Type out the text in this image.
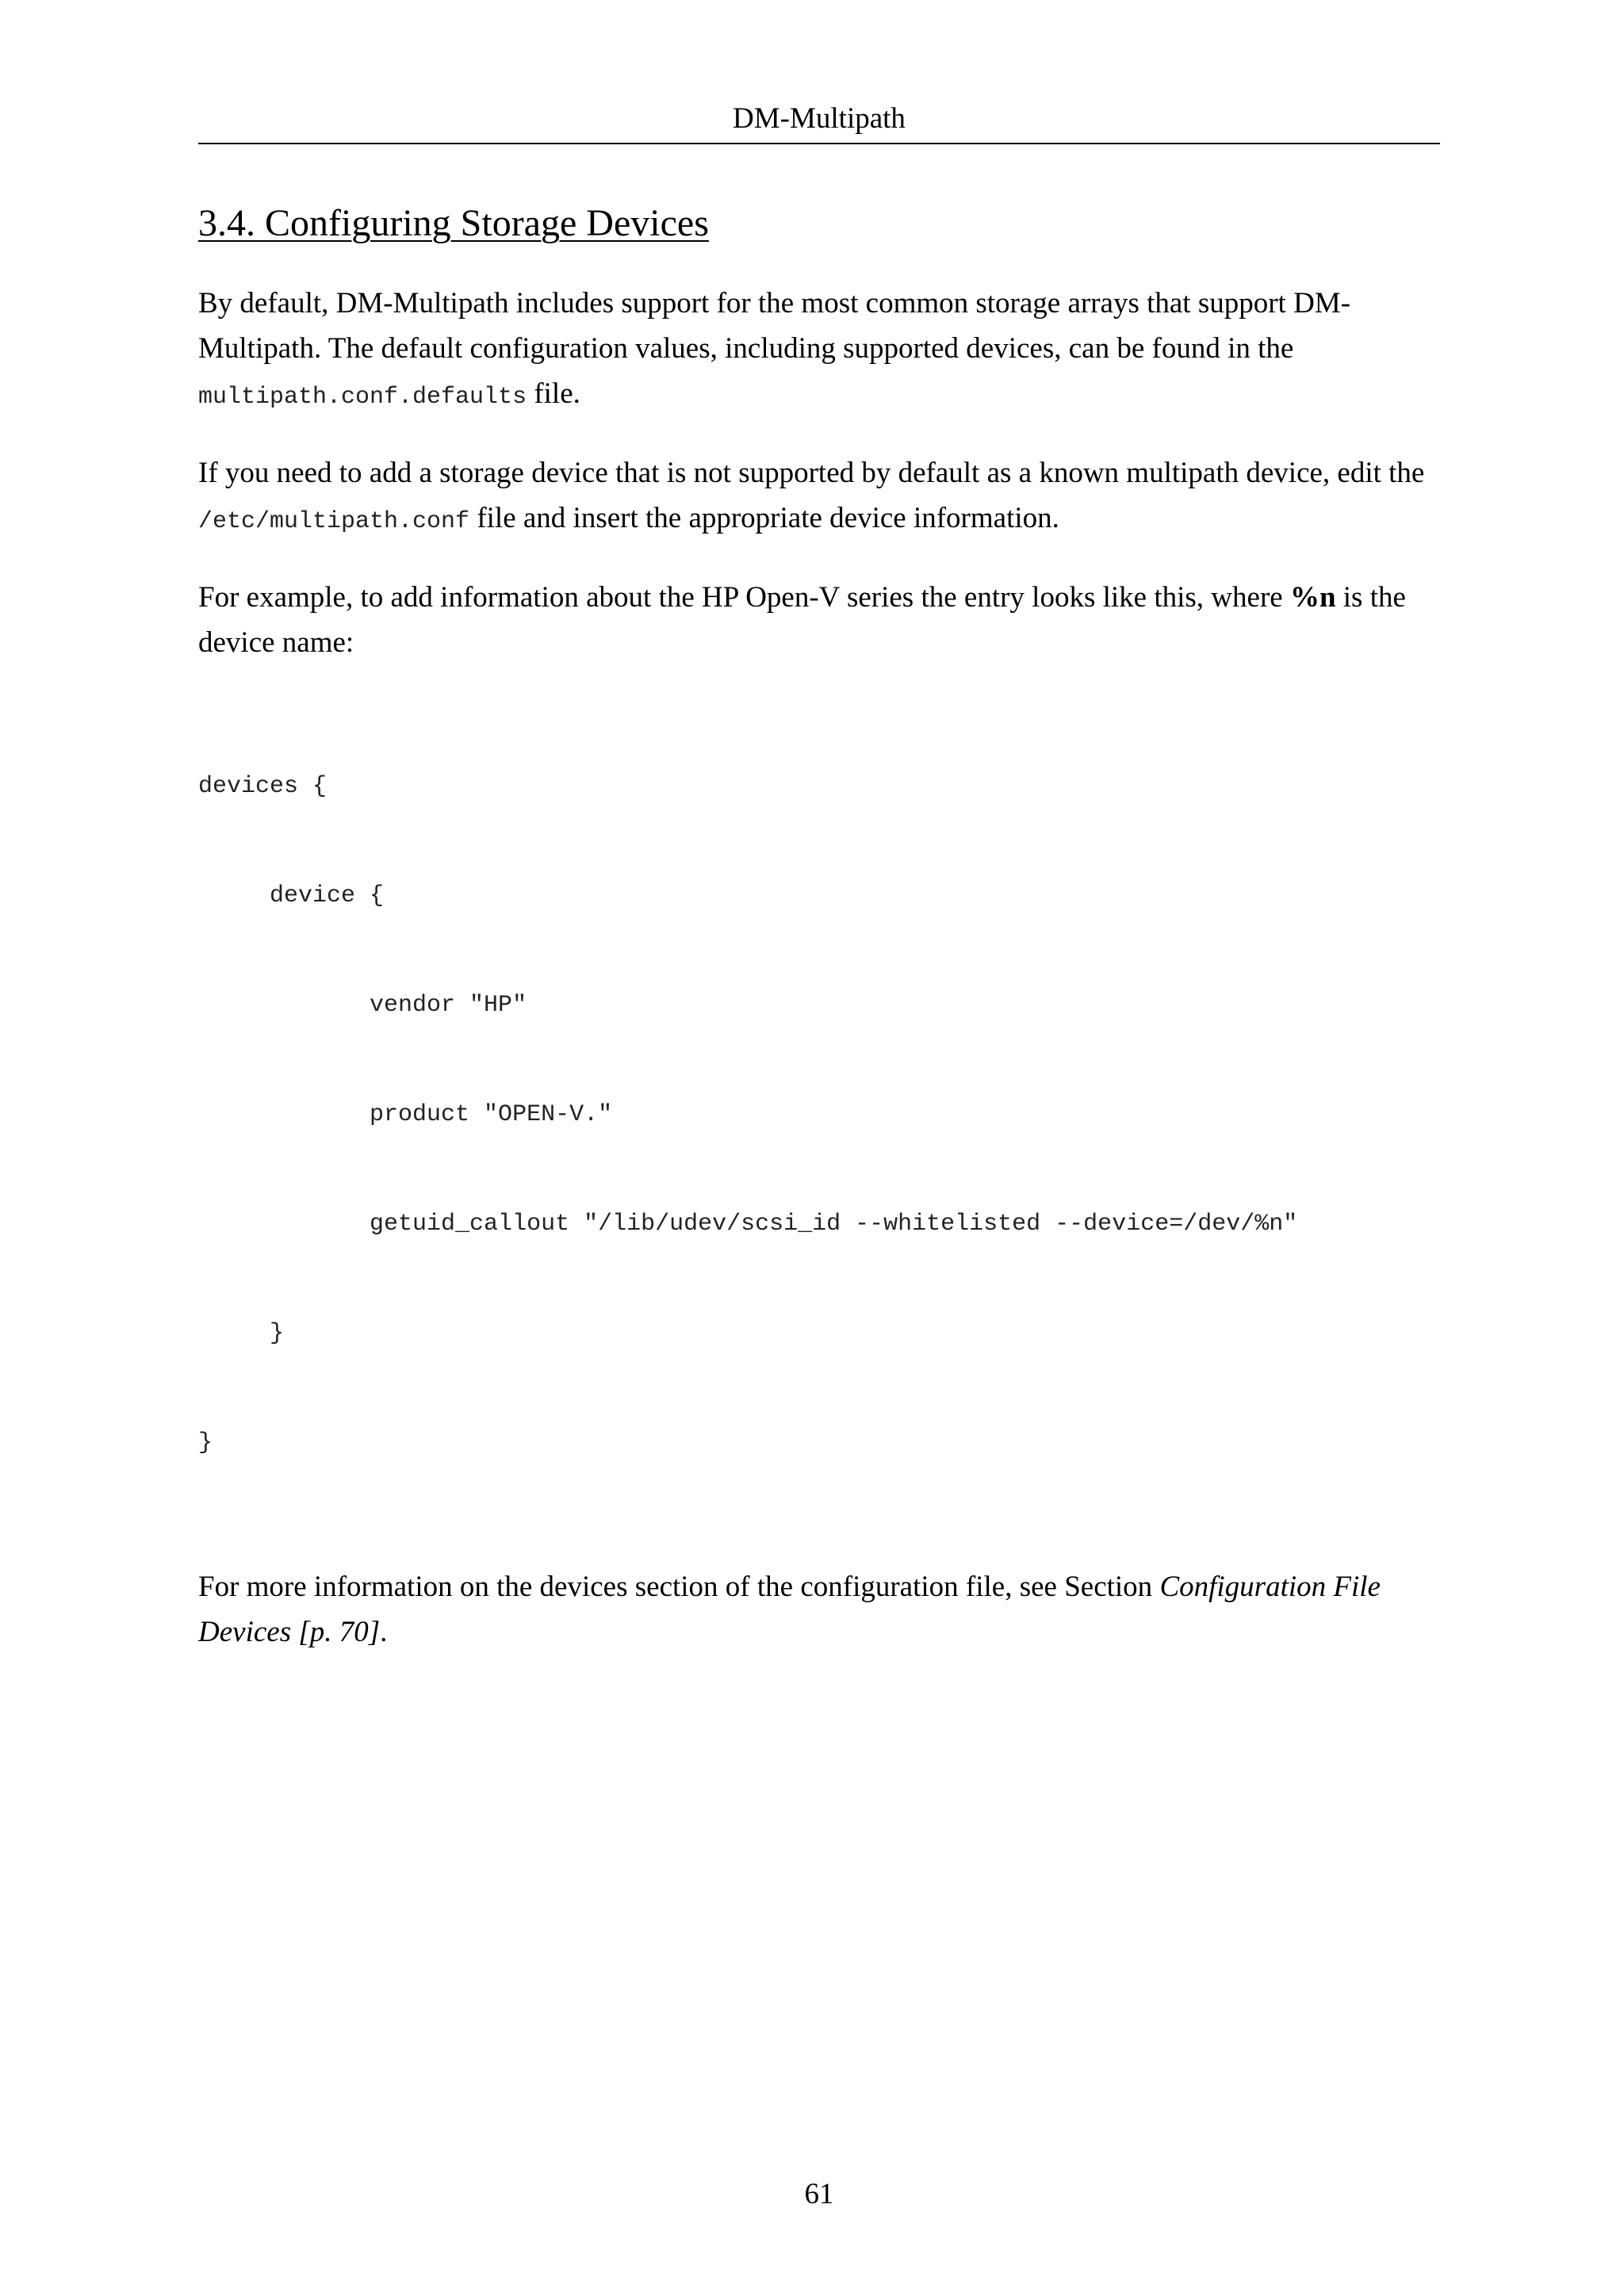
DM-Multipath
3.4. Configuring Storage Devices

By default, DM-Multipath includes support for the most common storage arrays that support DM-Multipath. The default configuration values, including supported devices, can be found in the multipath.conf.defaults file.

If you need to add a storage device that is not supported by default as a known multipath device, edit the /etc/multipath.conf file and insert the appropriate device information.

For example, to add information about the HP Open-V series the entry looks like this, where %n is the device name:

devices {

device {

vendor "HP"

product "OPEN-V."

getuid_callout "/lib/udev/scsi_id --whitelisted --device=/dev/%n"

}

}

For more information on the devices section of the configuration file, see Section Configuration File Devices [p. 70].

61
